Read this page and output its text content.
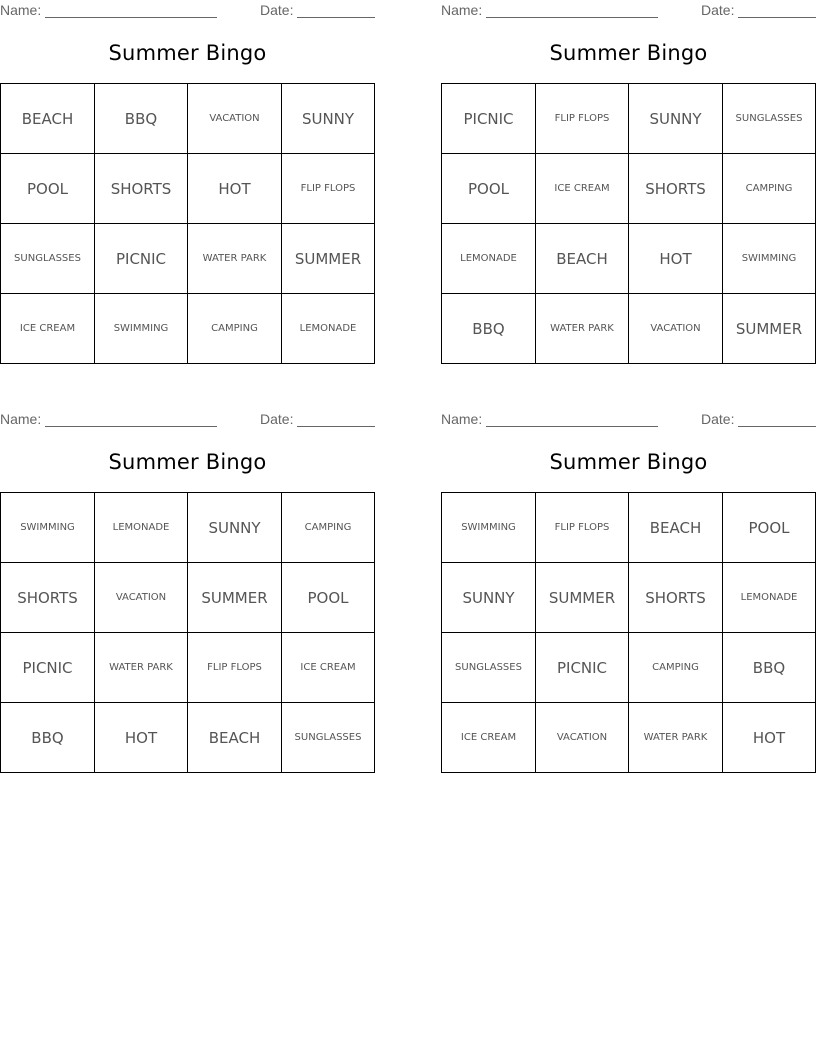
Name:	Date:
Summer Bingo
BEACH	BBQ	VACATION	SUNNY
POOL	SHORTS	HOT	FLIP FLOPS
SUNGLASSES	PICNIC	WATER PARK	SUMMER
ICE CREAM	SWIMMING	CAMPING	LEMONADE
Name:	Date:
Summer Bingo
PICNIC	FLIP FLOPS	SUNNY	SUNGLASSES
POOL	ICE CREAM	SHORTS	CAMPING
LEMONADE	BEACH	HOT	SWIMMING
BBQ	WATER PARK	VACATION	SUMMER
Name:	Date:
Summer Bingo
SWIMMING	LEMONADE	SUNNY	CAMPING
SHORTS	VACATION	SUMMER	POOL
PICNIC	WATER PARK	FLIP FLOPS	ICE CREAM
BBQ	HOT	BEACH	SUNGLASSES
Name:	Date:
Summer Bingo
SWIMMING	FLIP FLOPS	BEACH	POOL
SUNNY	SUMMER	SHORTS	LEMONADE
SUNGLASSES	PICNIC	CAMPING	BBQ
ICE CREAM	VACATION	WATER PARK	HOT
